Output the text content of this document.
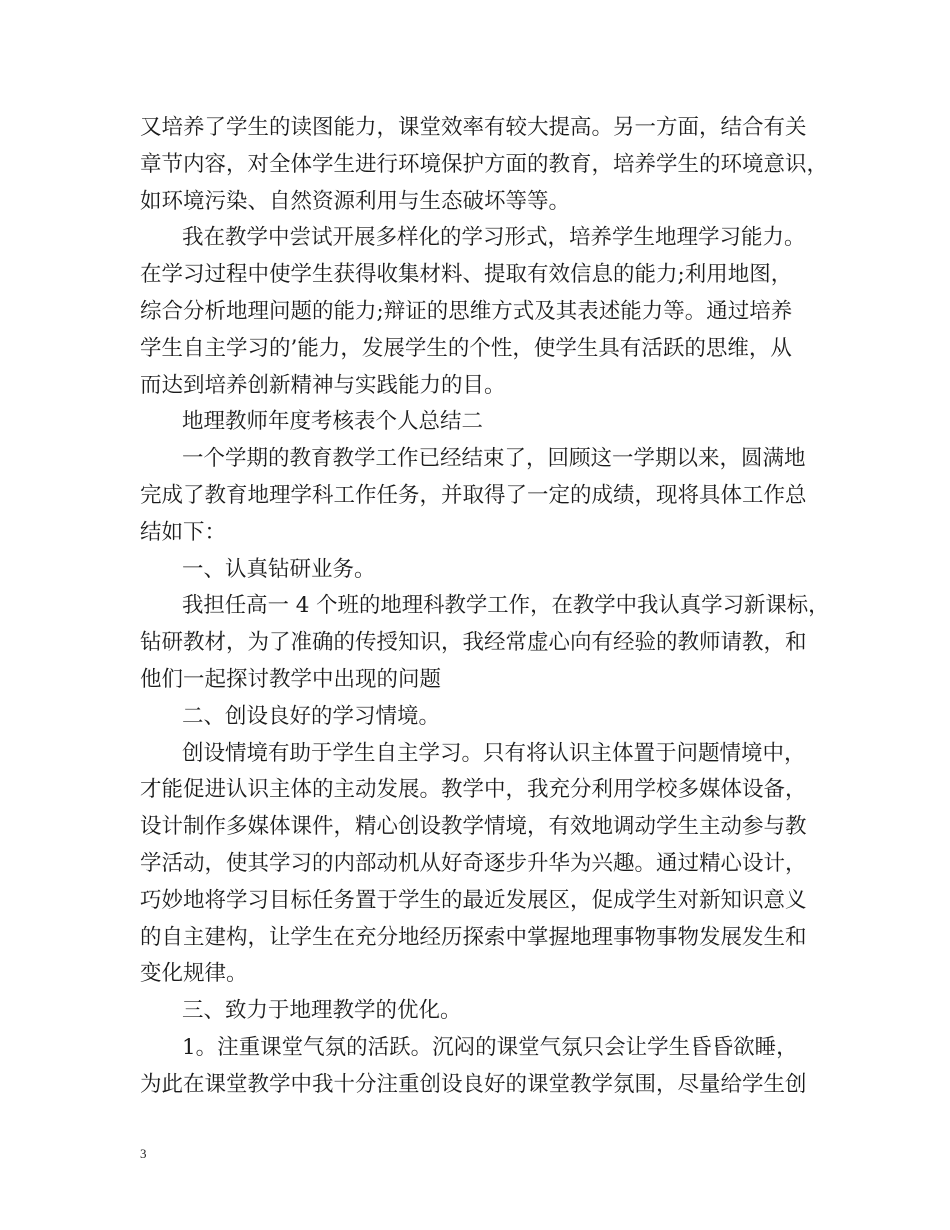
又培养了学生的读图能力，课堂效率有较大提高。另一方面，结合有关
章节内容，对全体学生进行环境保护方面的教育，培养学生的环境意识，
如环境污染、自然资源利用与生态破坏等等。
我在教学中尝试开展多样化的学习形式，培养学生地理学习能力。
在学习过程中使学生获得收集材料、提取有效信息的能力;利用地图，
综合分析地理问题的能力;辩证的思维方式及其表述能力等。通过培养
学生自主学习的’能力，发展学生的个性，使学生具有活跃的思维，从
而达到培养创新精神与实践能力的目。
地理教师年度考核表个人总结二
一个学期的教育教学工作已经结束了，回顾这一学期以来，圆满地
完成了教育地理学科工作任务，并取得了一定的成绩，现将具体工作总
结如下：
一、认真钻研业务。
我担任高一 4 个班的地理科教学工作，在教学中我认真学习新课标，
钻研教材，为了准确的传授知识，我经常虚心向有经验的教师请教，和
他们一起探讨教学中出现的问题
二、创设良好的学习情境。
创设情境有助于学生自主学习。只有将认识主体置于问题情境中，
才能促进认识主体的主动发展。教学中，我充分利用学校多媒体设备，
设计制作多媒体课件，精心创设教学情境，有效地调动学生主动参与教
学活动，使其学习的内部动机从好奇逐步升华为兴趣。通过精心设计，
巧妙地将学习目标任务置于学生的最近发展区，促成学生对新知识意义
的自主建构，让学生在充分地经历探索中掌握地理事物事物发展发生和
变化规律。
三、致力于地理教学的优化。
1。注重课堂气氛的活跃。沉闷的课堂气氛只会让学生昏昏欲睡，
为此在课堂教学中我十分注重创设良好的课堂教学氛围，尽量给学生创
3
